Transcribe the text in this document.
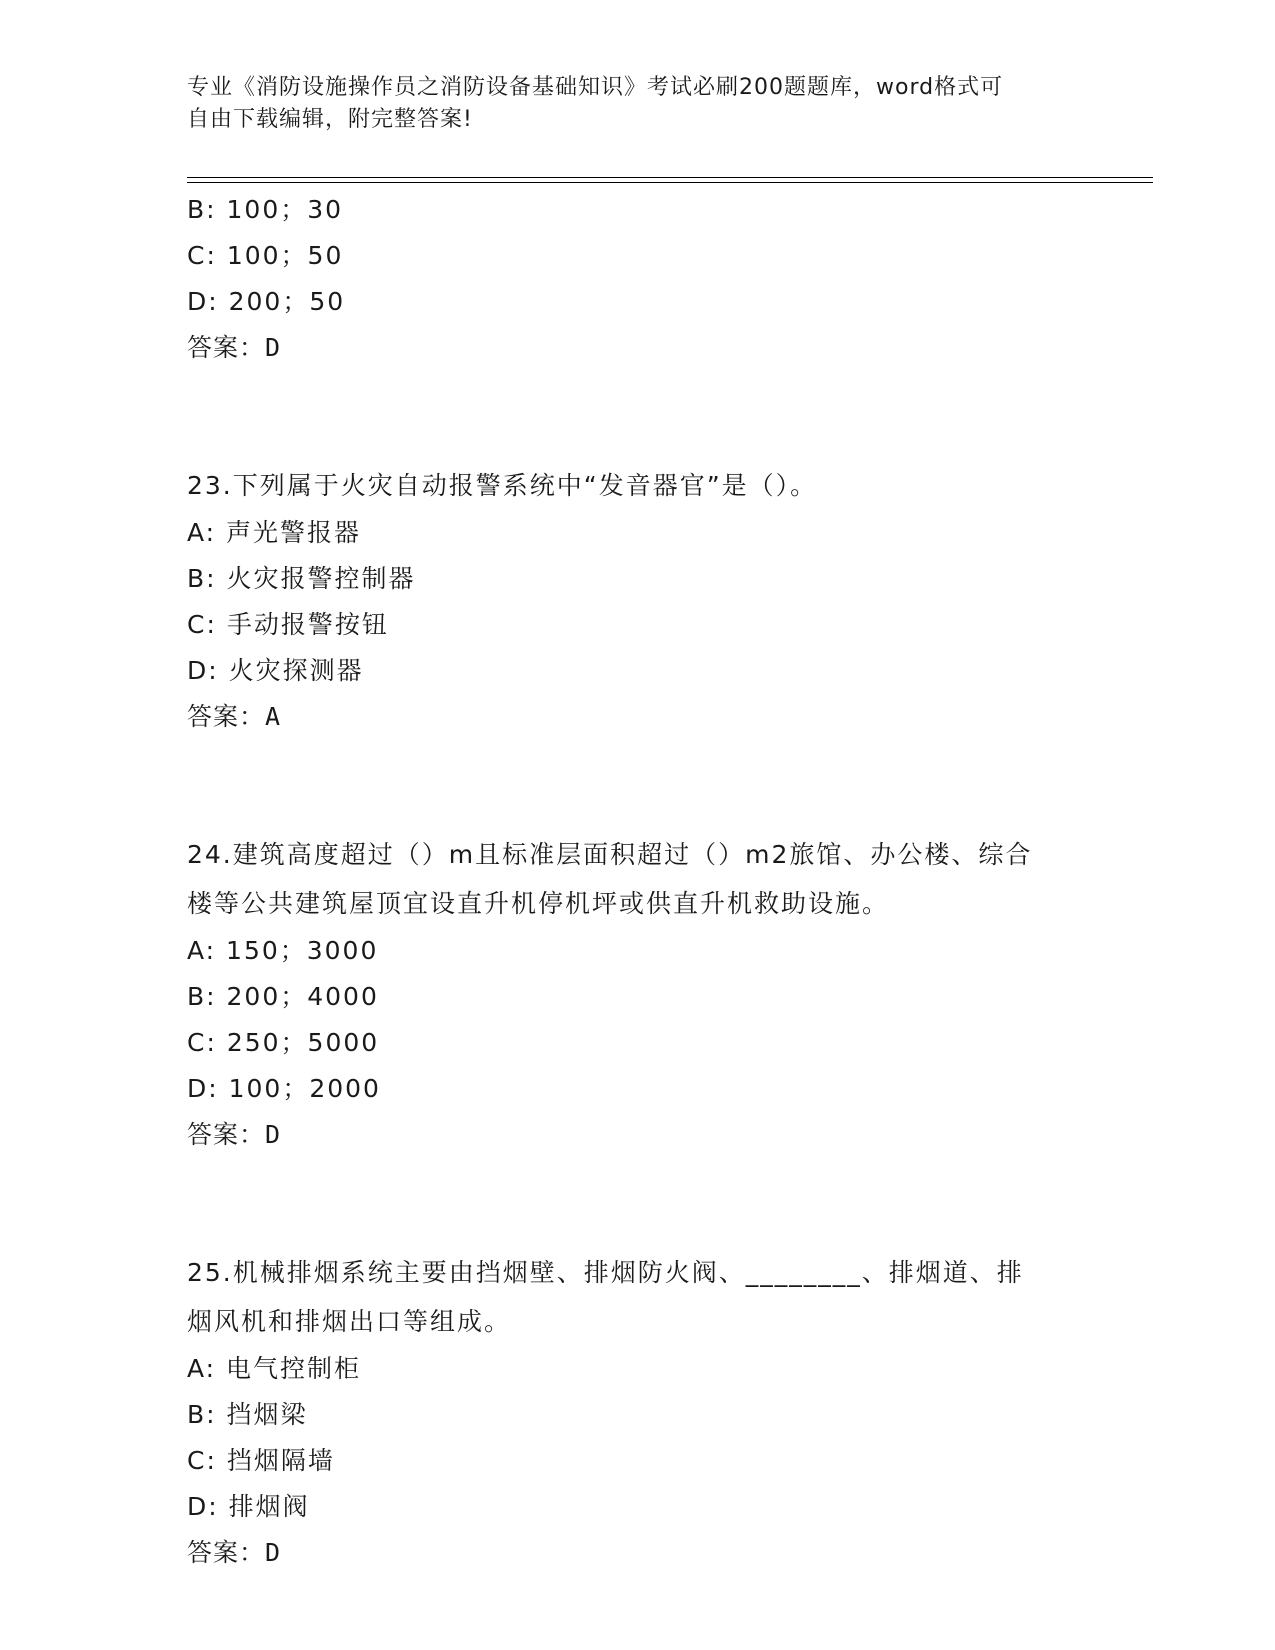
专业《消防设施操作员之消防设备基础知识》考试必刷200题题库，word格式可
自由下载编辑，附完整答案!
B: 100；30
C: 100；50
D: 200；50
答案：D
23.下列属于火灾自动报警系统中“发音器官”是（）。
A: 声光警报器
B: 火灾报警控制器
C: 手动报警按钮
D: 火灾探测器
答案：A
24.建筑高度超过（）m且标准层面积超过（）m2旅馆、办公楼、综合
楼等公共建筑屋顶宜设直升机停机坪或供直升机救助设施。
A: 150；3000
B: 200；4000
C: 250；5000
D: 100；2000
答案：D
25.机械排烟系统主要由挡烟壁、排烟防火阀、________、排烟道、排
烟风机和排烟出口等组成。
A: 电气控制柜
B: 挡烟梁
C: 挡烟隔墙
D: 排烟阀
答案：D
